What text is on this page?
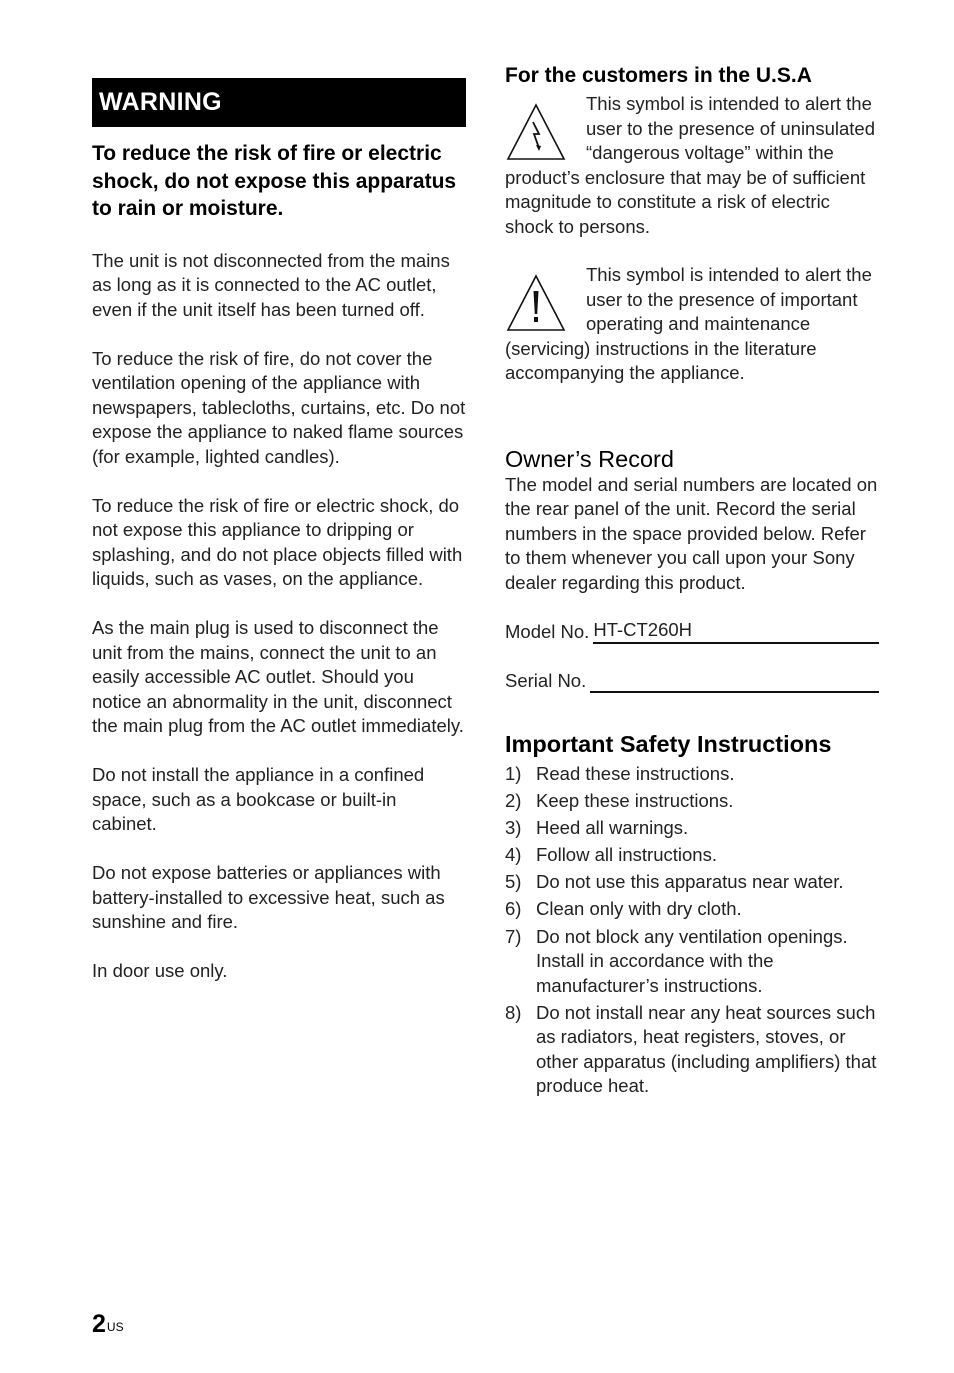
WARNING

To reduce the risk of fire or electric shock, do not expose this apparatus to rain or moisture.

The unit is not disconnected from the mains as long as it is connected to the AC outlet, even if the unit itself has been turned off.

To reduce the risk of fire, do not cover the ventilation opening of the appliance with newspapers, tablecloths, curtains, etc. Do not expose the appliance to naked flame sources (for example, lighted candles).

To reduce the risk of fire or electric shock, do not expose this appliance to dripping or splashing, and do not place objects filled with liquids, such as vases, on the appliance.

As the main plug is used to disconnect the unit from the mains, connect the unit to an easily accessible AC outlet. Should you notice an abnormality in the unit, disconnect the main plug from the AC outlet immediately.

Do not install the appliance in a confined space, such as a bookcase or built-in cabinet.

Do not expose batteries or appliances with battery-installed to excessive heat, such as sunshine and fire.

In door use only.

For the customers in the U.S.A

This symbol is intended to alert the user to the presence of uninsulated “dangerous voltage” within the product’s enclosure that may be of sufficient magnitude to constitute a risk of electric shock to persons.
This symbol is intended to alert the user to the presence of important operating and maintenance (servicing) instructions in the literature accompanying the appliance.

Owner’s Record

The model and serial numbers are located on the rear panel of the unit. Record the serial numbers in the space provided below. Refer to them whenever you call upon your Sony dealer regarding this product.

Model No. HT-CT260H
Serial No.

Important Safety Instructions

1) Read these instructions.
2) Keep these instructions.
3) Heed all warnings.
4) Follow all instructions.
5) Do not use this apparatus near water.
6) Clean only with dry cloth.
7) Do not block any ventilation openings. Install in accordance with the manufacturer’s instructions.
8) Do not install near any heat sources such as radiators, heat registers, stoves, or other apparatus (including amplifiers) that produce heat.
$2^{US}$
